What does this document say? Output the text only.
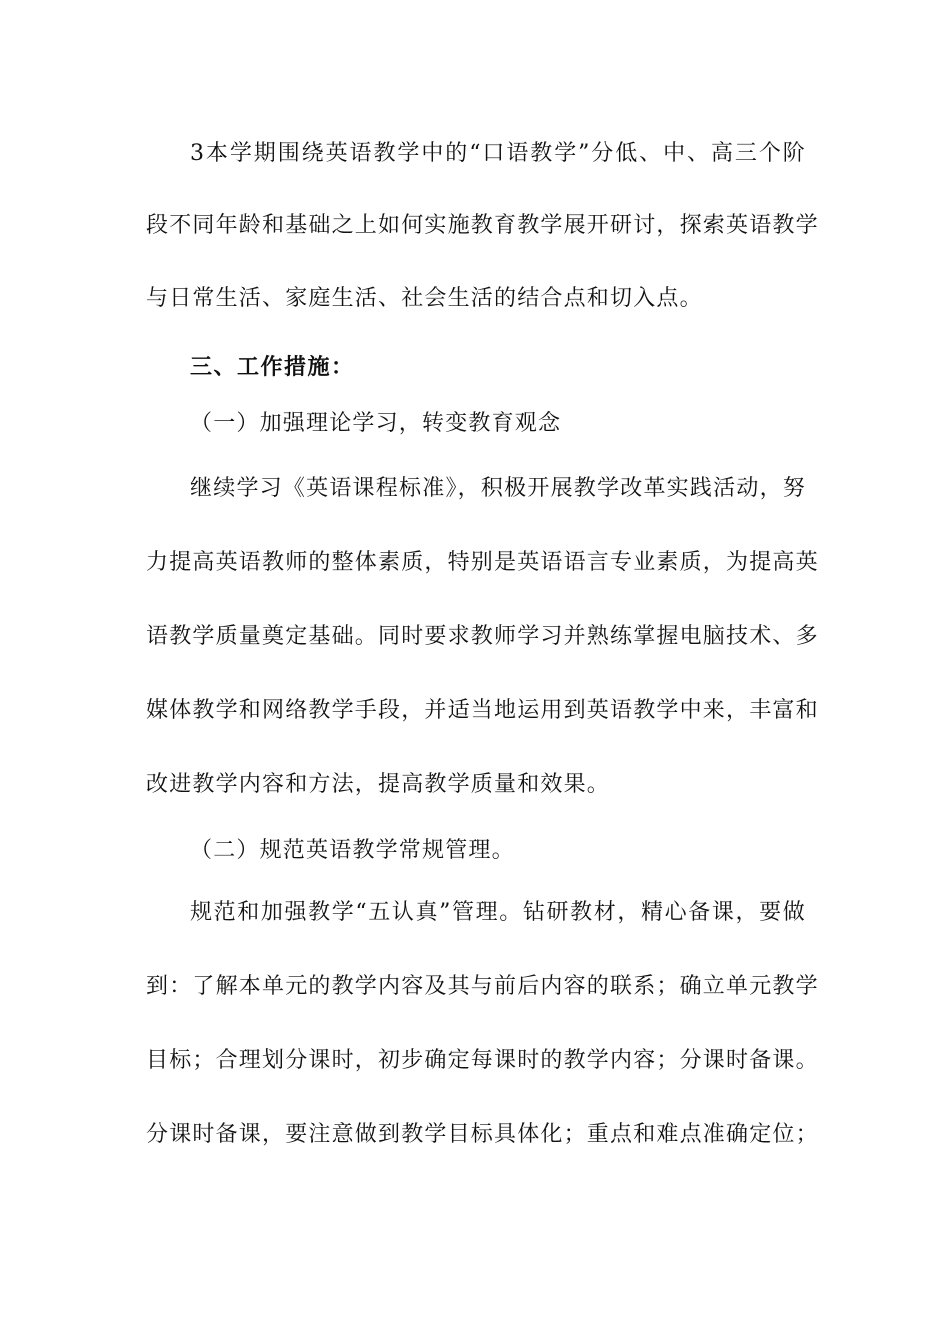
3本学期围绕英语教学中的“口语教学”分低、中、高三个阶
段不同年龄和基础之上如何实施教育教学展开研讨，探索英语教学
与日常生活、家庭生活、社会生活的结合点和切入点。
三、工作措施：
（一）加强理论学习，转变教育观念
继续学习《英语课程标准》，积极开展教学改革实践活动，努
力提高英语教师的整体素质，特别是英语语言专业素质，为提高英
语教学质量奠定基础。同时要求教师学习并熟练掌握电脑技术、多
媒体教学和网络教学手段，并适当地运用到英语教学中来，丰富和
改进教学内容和方法，提高教学质量和效果。
（二）规范英语教学常规管理。
规范和加强教学“五认真”管理。钻研教材，精心备课，要做
到：了解本单元的教学内容及其与前后内容的联系；确立单元教学
目标；合理划分课时，初步确定每课时的教学内容；分课时备课。
分课时备课，要注意做到教学目标具体化；重点和难点准确定位；
